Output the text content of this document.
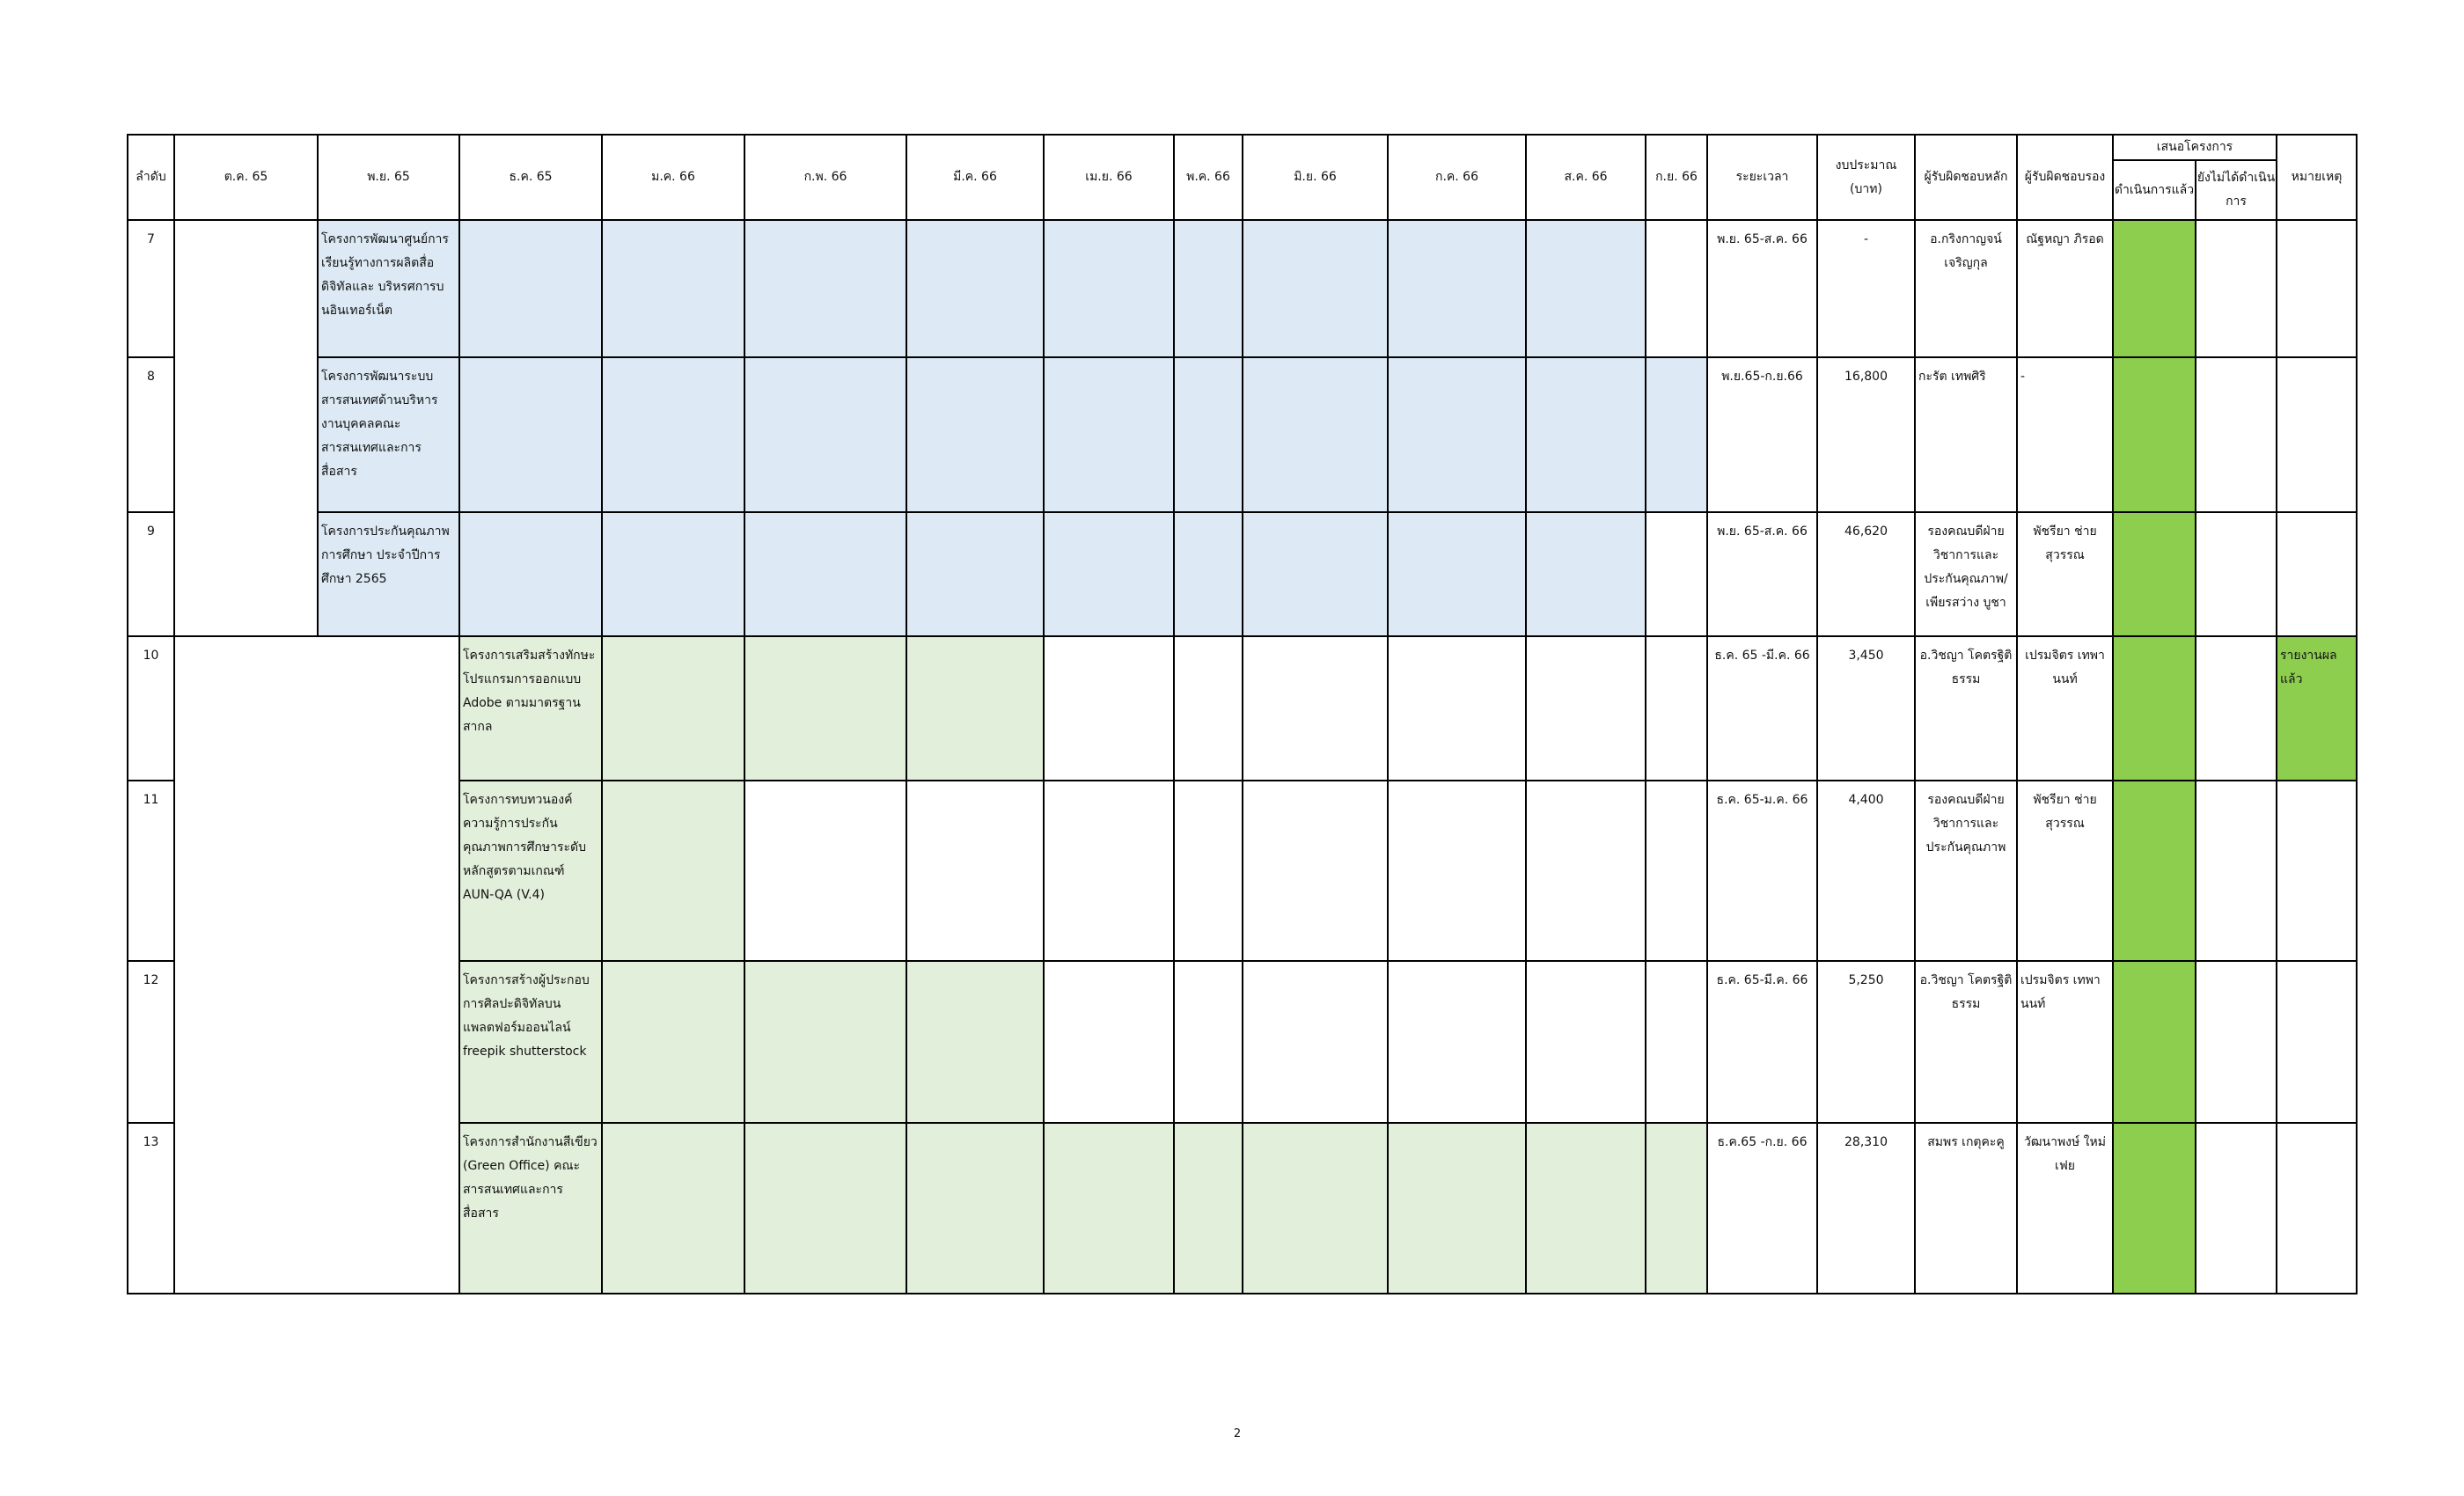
ลำดับ	ต.ค. 65	พ.ย. 65	ธ.ค. 65	ม.ค. 66	ก.พ. 66	มี.ค. 66	เม.ย. 66	พ.ค. 66	มิ.ย. 66	ก.ค. 66	ส.ค. 66	ก.ย. 66	ระยะเวลา	งบประมาณ (บาท)	ผู้รับผิดชอบหลัก	ผู้รับผิดชอบรอง	เสนอโครงการ		หมายเหตุ
																	ดำเนินการแล้ว	ยังไม่ได้ดำเนินการ	
7		โครงการพัฒนาศูนย์การเรียนรู้ทางการผลิตสื่อดิจิทัลและ บริหรศการบนอินเทอร์เน็ต											พ.ย. 65-ส.ค. 66	-	อ.กริงกาญจน์ เจริญกุล	ณัฐหญา ภิรอด			
8		โครงการพัฒนาระบบสารสนเทศด้านบริหารงานบุคคลคณะสารสนเทศและการสื่อสาร											พ.ย.65-ก.ย.66	16,800	กะรัต เทพศิริ	-			
9		โครงการประกันคุณภาพการศึกษา ประจำปีการศึกษา 2565											พ.ย. 65-ส.ค. 66	46,620	รองคณบดีฝ่ายวิชาการและประกันคุณภาพ/เพียรสว่าง บูชา	พัชรียา ช่ายสุวรรณ			
10			โครงการเสริมสร้างทักษะโปรแกรมการออกแบบ Adobe ตามมาตรฐานสากล										ธ.ค. 65 -มี.ค. 66	3,450	อ.วิชญา โคตรฐิติธรรม	เปรมจิตร เทพานนท์			รายงานผลแล้ว
11			โครงการทบทวนองค์ความรู้การประกันคุณภาพการศึกษาระดับหลักสูตรตามเกณฑ์ AUN-QA (V.4)										ธ.ค. 65-ม.ค. 66	4,400	รองคณบดีฝ่ายวิชาการและประกันคุณภาพ	พัชรียา ช่ายสุวรรณ			
12			โครงการสร้างผู้ประกอบการศิลปะดิจิทัลบนแพลตฟอร์มออนไลน์ freepik shutterstock										ธ.ค. 65-มี.ค. 66	5,250	อ.วิชญา โคตรฐิติธรรม	เปรมจิตร เทพานนท์			
13			โครงการสำนักงานสีเขียว (Green Office) คณะสารสนเทศและการสื่อสาร										ธ.ค.65 -ก.ย. 66	28,310	สมพร เกตุคะคู	วัฒนาพงษ์ ใหม่เฟย			
2
